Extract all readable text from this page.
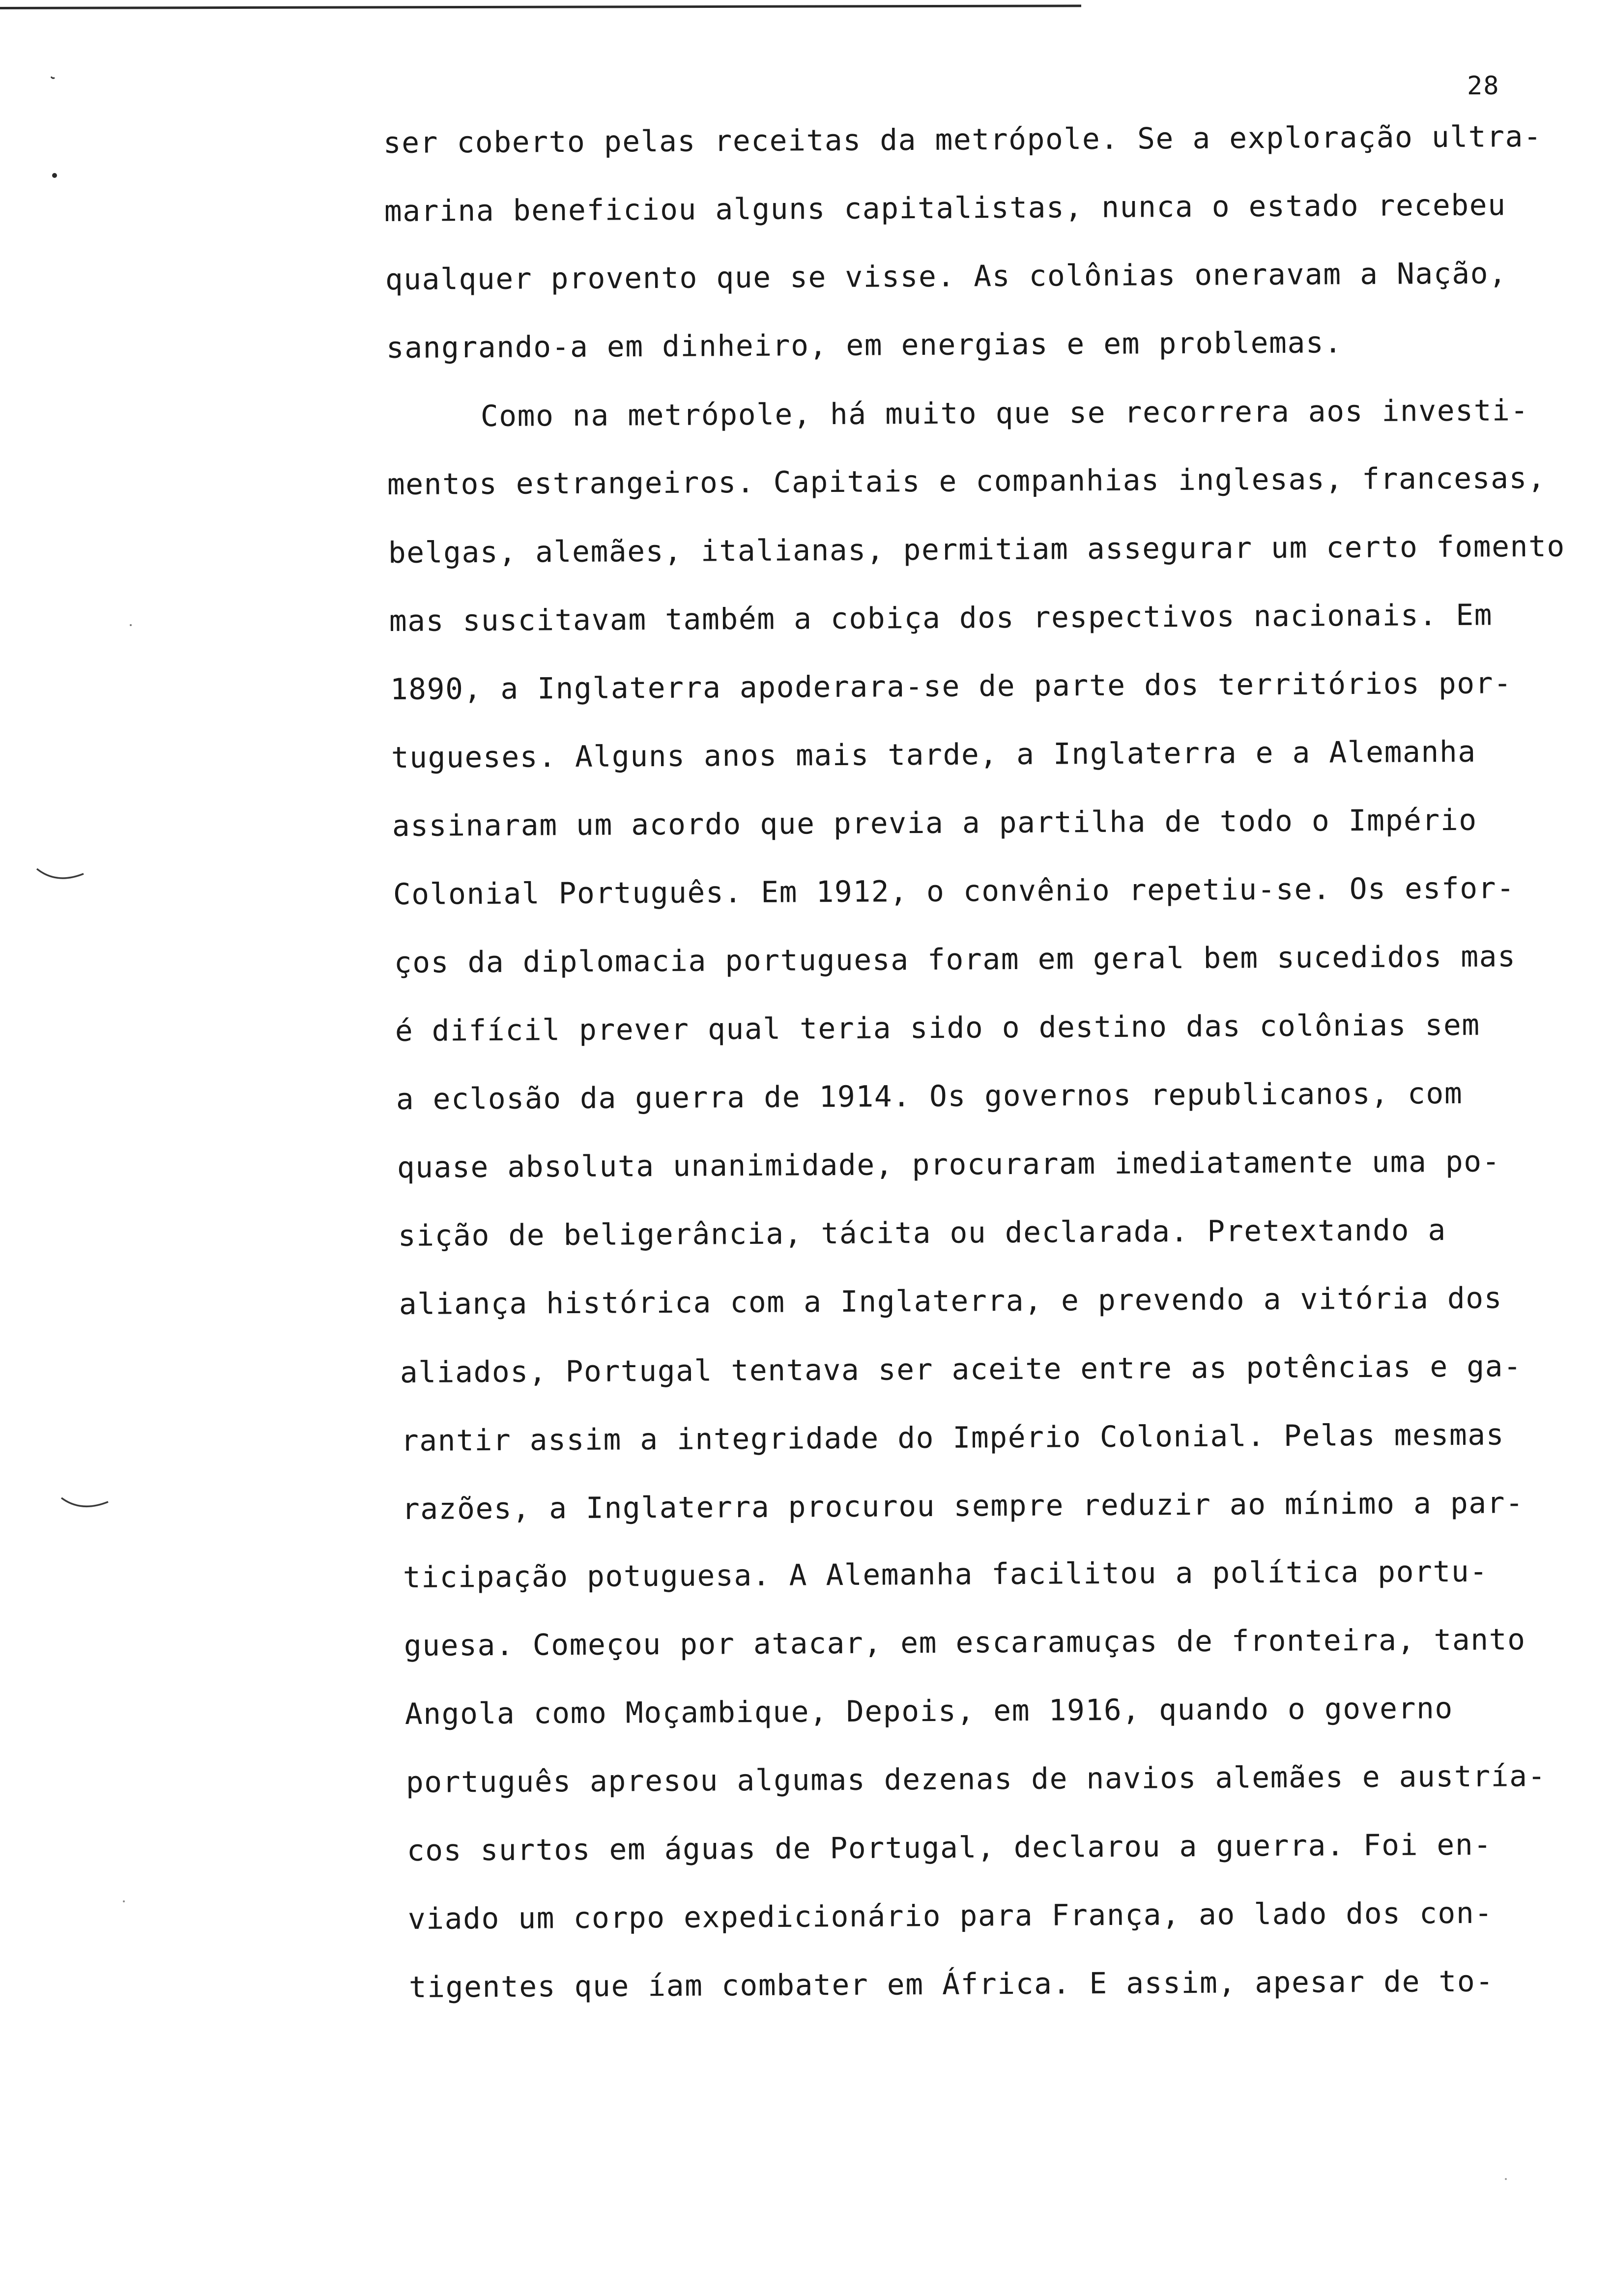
28
ser coberto pelas receitas da metrópole. Se a exploração ultra-
marina beneficiou alguns capitalistas, nunca o estado recebeu
qualquer provento que se visse. As colônias oneravam a Nação,
sangrando-a em dinheiro, em energias e em problemas.
Como na metrópole, há muito que se recorrera aos investi-
mentos estrangeiros. Capitais e companhias inglesas, francesas,
belgas, alemães, italianas, permitiam assegurar um certo fomento
mas suscitavam também a cobiça dos respectivos nacionais. Em
1890, a Inglaterra apoderara-se de parte dos territórios por-
tugueses. Alguns anos mais tarde, a Inglaterra e a Alemanha
assinaram um acordo que previa a partilha de todo o Império
Colonial Português. Em 1912, o convênio repetiu-se. Os esfor-
ços da diplomacia portuguesa foram em geral bem sucedidos mas
é difícil prever qual teria sido o destino das colônias sem
a eclosão da guerra de 1914. Os governos republicanos, com
quase absoluta unanimidade, procuraram imediatamente uma po-
sição de beligerância, tácita ou declarada. Pretextando a
aliança histórica com a Inglaterra, e prevendo a vitória dos
aliados, Portugal tentava ser aceite entre as potências e ga-
rantir assim a integridade do Império Colonial. Pelas mesmas
razões, a Inglaterra procurou sempre reduzir ao mínimo a par-
ticipação potuguesa. A Alemanha facilitou a política portu-
guesa. Começou por atacar, em escaramuças de fronteira, tanto
Angola como Moçambique, Depois, em 1916, quando o governo
português apresou algumas dezenas de navios alemães e austría-
cos surtos em águas de Portugal, declarou a guerra. Foi en-
viado um corpo expedicionário para França, ao lado dos con-
tigentes que íam combater em África. E assim, apesar de to-
